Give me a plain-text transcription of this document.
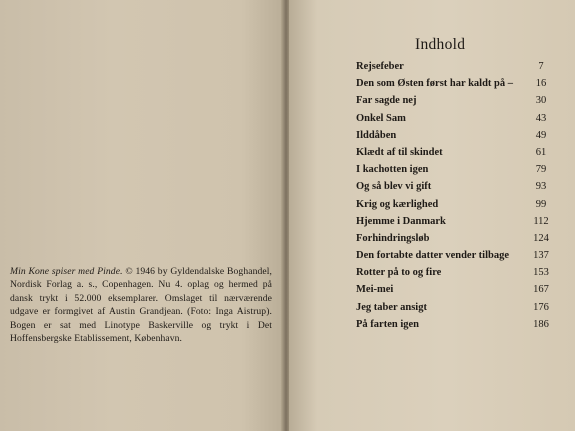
Min Kone spiser med Pinde. © 1946 by Gyldendalske Boghandel, Nordisk Forlag a. s., Copenhagen. Nu 4. oplag og hermed på dansk trykt i 52.000 eksemplarer. Omslaget til nærværende udgave er formgivet af Austin Grandjean. (Foto: Inga Aistrup). Bogen er sat med Linotype Baskerville og trykt i Det Hoffensbergske Etablissement, København.

Indhold
Rejsefeber	7
Den som Østen først har kaldt på –	16
Far sagde nej	30
Onkel Sam	43
Ilddåben	49
Klædt af til skindet	61
I kachotten igen	79
Og så blev vi gift	93
Krig og kærlighed	99
Hjemme i Danmark	112
Forhindringsløb	124
Den fortabte datter vender tilbage	137
Rotter på to og fire	153
Mei-mei	167
Jeg taber ansigt	176
På farten igen	186
